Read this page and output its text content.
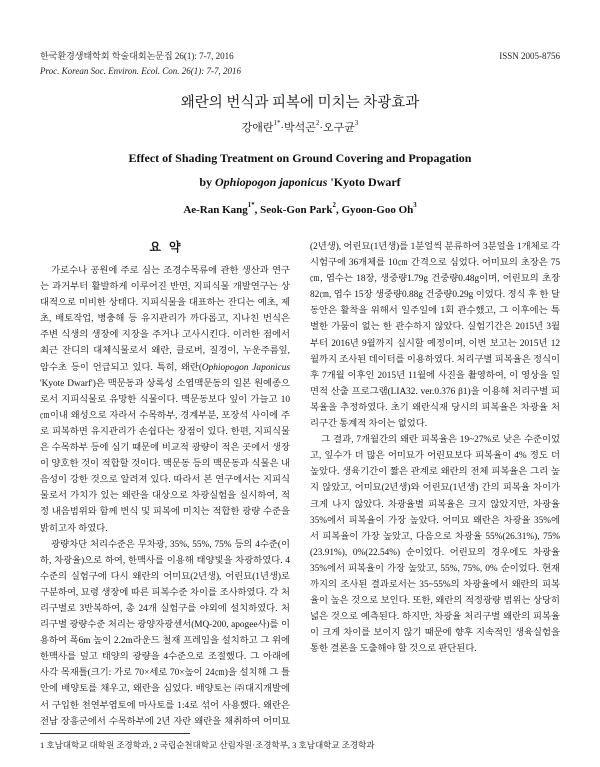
한국환경생태학회 학술대회논문집 26(1): 7-7, 2016
Proc. Korean Soc. Environ. Ecol. Con. 26(1): 7-7, 2016
ISSN 2005-8756
왜란의 번식과 피복에 미치는 차광효과
강애란$^{1*}$·박석곤$^2$·오구균$^3$
Effect of Shading Treatment on Ground Covering and Propagation
by Ophiopogon japonicus 'Kyoto Dwarf
Ae-Ran Kang$^{1*}$, Seok-Gon Park$^2$, Gyoon-Goo Oh$^3$
요 약

가로수나 공원에 주로 심는 조경수목류에 관한 생산과 연구는 과거부터 활발하게 이루어진 반면, 지피식물 개발연구는 상대적으로 미비한 상태다. 지피식물을 대표하는 잔디는 예초, 제초, 배토작업, 병충해 등 유지관리가 까다롭고, 지나친 번식은 주변 식생의 생장에 지장을 주거나 고사시킨다. 이러한 점에서 최근 잔디의 대체식물로서 왜란, 클로버, 질경이, 누운주름잎, 암수초 등이 언급되고 있다. 특히, 왜란(Ophiopogon Japonicus 'Kyote Dwarf')은 맥문동과 상록성 소엽맥문동의 일본 원예종으로서 지피식물로 유망한 식물이다. 맥문동보다 잎이 가늘고 10㎝이내 왜성으로 자라서 수목하부, 경계부분, 포장석 사이에 주로 피복하면 유지관리가 손쉽다는 장점이 있다. 한편, 지피식물은 수목하부 등에 심기 때문에 비교적 광량이 적은 곳에서 생장이 양호한 것이 적합할 것이다. 맥문동 등의 맥문동과 식물은 내음성이 강한 것으로 알려져 있다. 따라서 본 연구에서는 지피식물로서 가치가 있는 왜란을 대상으로 차광실험을 실시하여, 적정 내음범위와 함께 번식 및 피복에 미치는 적합한 광량 수준을 밝히고자 하였다.

광량차단 처리수준은 무차광, 35%, 55%, 75% 등의 4수준(이하, 차광율)으로 하여, 한맥사를 이용해 태양빛을 차광하였다. 4수준의 실험구에 다시 왜란의 어미묘(2년생), 어린묘(1년생)로 구분하여, 묘령 생장에 따른 피복수준 차이를 조사하였다. 각 처리구별로 3반복하여, 총 24개 실험구를 야외에 설치하였다. 처리구별 광량수준 처리는 광양자광센서(MQ-200, apogee사)를 이용하여 폭6m 높이 2.2m라운드 철재 프레임을 설치하고 그 위에 한맥사를 덮고 태양의 광량을 4수준으로 조절했다. 그 아래에 사각 목재틀(크기: 가로 70×세로 70×높이 24㎝)을 설치해 그 틀 안에 배양토를 채우고, 왜란을 심었다. 배양토는 ㈜대지개발에서 구입한 천연부엽토에 마사토를 1:4로 섞어 사용했다. 왜란은 전남 장흥군에서 수목하부에 2년 자란 왜란을 채취하여 어미묘(2년생), 어린묘(1년생)를 1분얼씩 분류하여 3분얼을 1개체로 각 시험구에 36개체를 10㎝ 간격으로 심었다. 어미묘의 초장은 75㎝, 엽수는 18장, 생중량1.79g 건중량0.48g이며, 어린묘의 초장 82㎝, 엽수 15장 생중량0.88g 건중량0.29g 이었다. 정식 후 한 달 동안은 활착을 위해서 일주일에 1회 관수했고, 그 이후에는 특별한 가뭄이 없는 한 관수하지 않았다. 실험기간은 2015년 3월부터 2016년 9월까지 실시할 예정이며, 이번 보고는 2015년 12월까지 조사된 데이터를 이용하였다. 처리구별 피복율은 정식이후 7개월 이후인 2015년 11월에 사진을 촬영하여, 이 영상을 일면적 산출 프로그램(LIA32. ver.0.376 β1)을 이용해 처리구별 피복율을 추정하였다. 초기 왜란식재 당시의 피복율은 차광율 처리구간 통계적 차이는 없었다.

그 결과, 7개월간의 왜란 피복율은 19~27%로 낮은 수준이었고, 잎수가 더 많은 어미묘가 어린묘보다 피복율이 4% 정도 더 높았다. 생육기간이 짧은 관계로 왜란의 전체 피복율은 그리 높지 않았고, 어미묘(2년생)와 어린묘(1년생) 간의 피복율 차이가 크게 나지 않았다. 차광율별 피복율은 크지 않았지만, 차광율 35%에서 피복율이 가장 높았다. 어미묘 왜란은 차광율 35%에서 피복율이 가장 높았고, 다음으로 차광율 55%(26.31%), 75%(23.91%), 0%(22.54%) 순이었다. 어린묘의 경우에도 차광율 35%에서 피복율이 가장 높았고, 55%, 75%, 0% 순이었다. 현재까지의 조사된 결과로서는 35~55%의 차광율에서 왜란의 피복율이 높은 것으로 보인다. 또한, 왜란의 적정광량 범위는 상당히 넓은 것으로 예측된다. 하지만, 차광율 처리구별 왜란의 피복율이 크게 차이를 보이지 않기 때문에 향후 지속적인 생육실험을 통한 결론을 도출해야 할 것으로 판단된다.

1 호남대학교 대학원 조경학과, 2 국립순천대학교 산림자원·조경학부, 3 호남대학교 조경학과
